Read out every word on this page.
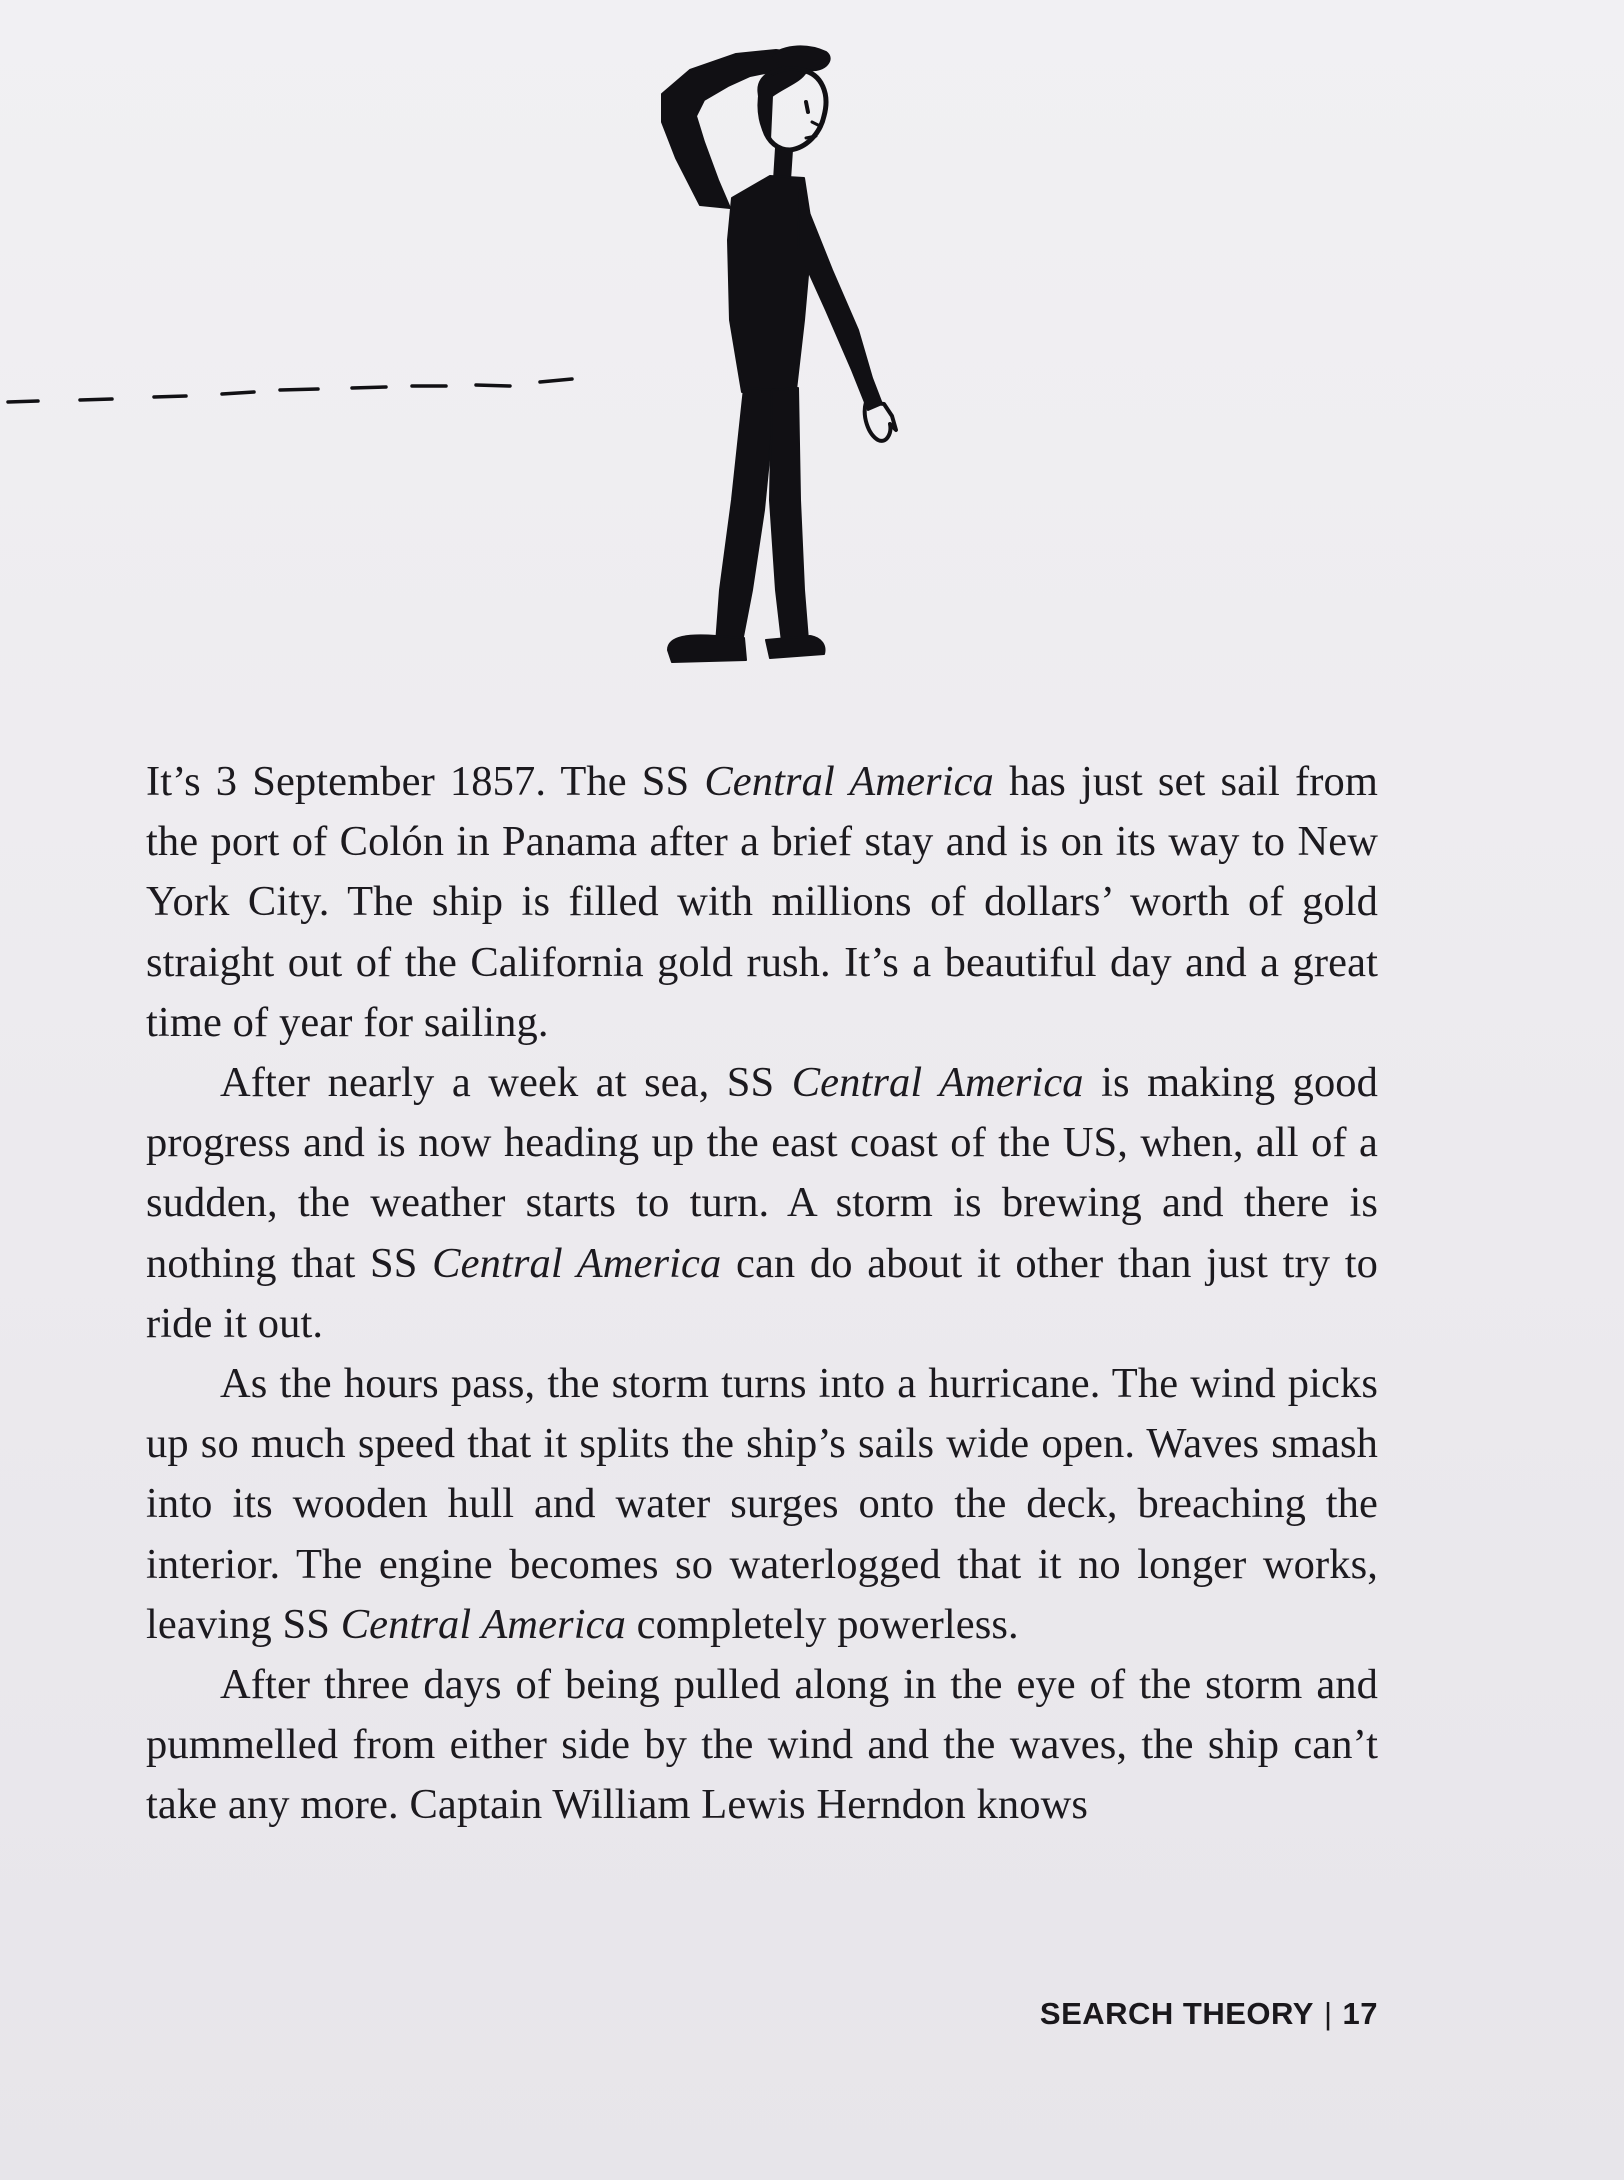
It’s 3 September 1857. The SS Central America has just set sail from the port of Colón in Panama after a brief stay and is on its way to New York City. The ship is filled with millions of dollars’ worth of gold straight out of the California gold rush. It’s a beautiful day and a great time of year for sailing.

After nearly a week at sea, SS Central America is making good progress and is now heading up the east coast of the US, when, all of a sudden, the weather starts to turn. A storm is brewing and there is nothing that SS Central America can do about it other than just try to ride it out.

As the hours pass, the storm turns into a hurricane. The wind picks up so much speed that it splits the ship’s sails wide open. Waves smash into its wooden hull and water surges onto the deck, breaching the interior. The engine becomes so waterlogged that it no longer works, leaving SS Central America completely powerless.

After three days of being pulled along in the eye of the storm and pummelled from either side by the wind and the waves, the ship can’t take any more. Captain William Lewis Herndon knows

SEARCH THEORY | 17
